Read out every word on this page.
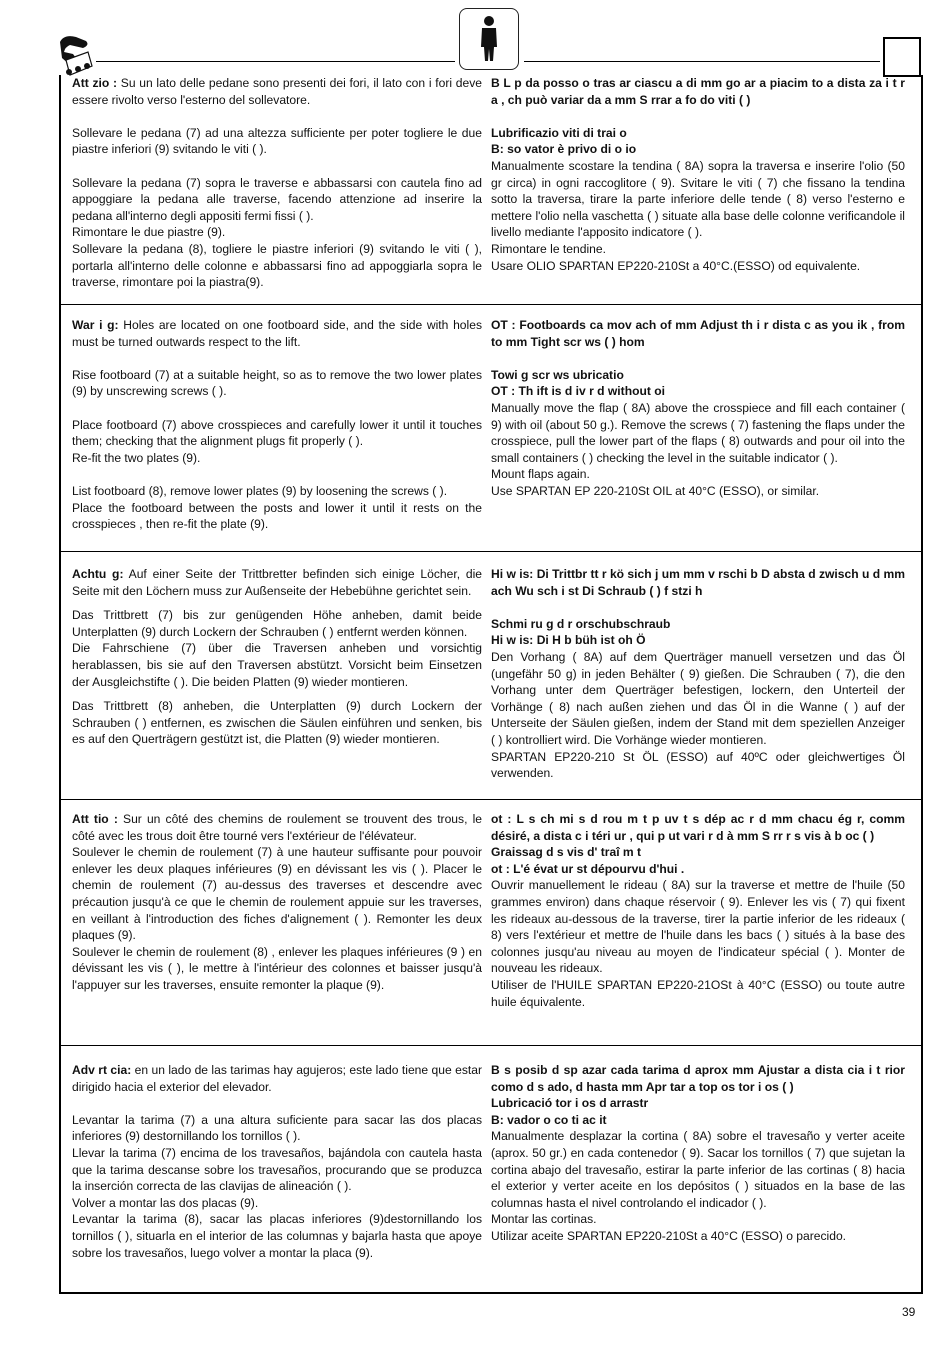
Att zio : Su un lato delle pedane sono presenti dei fori, il lato con i fori deve essere rivolto verso l'esterno del sollevatore.

Sollevare le pedana (7) ad una altezza sufficiente per poter togliere le due piastre inferiori (9) svitando le viti ( ).

Sollevare la pedana (7) sopra le traverse e abbassarsi con cautela fino ad appoggiare la pedana alle traverse, facendo attenzione ad inserire la pedana all'interno degli appositi fermi fissi ( ).

Rimontare le due piastre (9).

Sollevare la pedana (8), togliere le piastre inferiori (9) svitando le viti ( ), portarla all'interno delle colonne e abbassarsi fino ad appoggiarla sopra le traverse, rimontare poi la piastra(9).

B L p da posso o tras ar ciascu a di mm go ar a piacim to a dista za i t r a , ch può variar da a mm S rrar a fo do viti ( )

Lubrificazio viti di trai o

B: so vator è privo di o io

Manualmente scostare la tendina ( 8A) sopra la traversa e inserire l'olio (50 gr circa) in ogni raccoglitore ( 9). Svitare le viti ( 7) che fissano la tendina sotto la traversa, tirare la parte inferiore delle tende ( 8) verso l'esterno e mettere l'olio nella vaschetta ( ) situate alla base delle colonne verificandole il livello mediante l'apposito indicatore ( ).

Rimontare le tendine.

Usare OLIO SPARTAN EP220-210St a 40°C.(ESSO) od equivalente.

War i g: Holes are located on one footboard side, and the side with holes must be turned outwards respect to the lift.

Rise footboard (7) at a suitable height, so as to remove the two lower plates (9) by unscrewing screws ( ).

Place footboard (7) above crosspieces and carefully lower it until it touches them; checking that the alignment plugs fit properly ( ).

Re-fit the two plates (9).

List footboard (8), remove lower plates (9) by loosening the screws ( ).

Place the footboard between the posts and lower it until it rests on the crosspieces , then re-fit the plate (9).

OT : Footboards ca mov ach of mm Adjust th i r dista c as you ik , from to mm Tight scr ws ( ) hom

Towi g scr ws ubricatio

OT : Th ift is d iv r d without oi

Manually move the flap ( 8A) above the crosspiece and fill each container ( 9) with oil (about 50 g.). Remove the screws ( 7) fastening the flaps under the crosspiece, pull the lower part of the flaps ( 8) outwards and pour oil into the small containers ( ) checking the level in the suitable indicator ( ).

Mount flaps again.

Use SPARTAN EP 220-210St OIL at 40°C (ESSO), or similar.

Achtu g: Auf einer Seite der Trittbretter befinden sich einige Löcher, die Seite mit den Löchern muss zur Außenseite der Hebebühne gerichtet sein.

Das Trittbrett (7) bis zur genügenden Höhe anheben, damit beide Unterplatten (9) durch Lockern der Schrauben ( ) entfernt werden können.

Die Fahrschiene (7) über die Traversen anheben und vorsichtig herablassen, bis sie auf den Traversen abstützt. Vorsicht beim Einsetzen der Ausgleichstifte ( ). Die beiden Platten (9) wieder montieren.

Das Trittbrett (8) anheben, die Unterplatten (9) durch Lockern der Schrauben ( ) entfernen, es zwischen die Säulen einführen und senken, bis es auf den Querträgern gestützt ist, die Platten (9) wieder montieren.

Hi w is: Di Trittbr tt r kö sich j um mm v rschi b D absta d zwisch u d mm ach Wu sch i st Di Schraub ( ) f stzi h

Schmi ru g d r orschubschraub

Hi w is: Di H b büh ist oh Ö

Den Vorhang ( 8A) auf dem Querträger manuell versetzen und das Öl (ungefähr 50 g) in jeden Behälter ( 9) gießen. Die Schrauben ( 7), die den Vorhang unter dem Querträger befestigen, lockern, den Unterteil der Vorhänge ( 8) nach außen ziehen und das Öl in die Wanne ( ) auf der Unterseite der Säulen gießen, indem der Stand mit dem speziellen Anzeiger ( ) kontrolliert wird. Die Vorhänge wieder montieren.

SPARTAN EP220-210 St ÖL (ESSO) auf 40ºC oder gleichwertiges Öl verwenden.

Att tio : Sur un côté des chemins de roulement se trouvent des trous, le côté avec les trous doit être tourné vers l'extérieur de l'élévateur.

Soulever le chemin de roulement (7) à une hauteur suffisante pour pouvoir enlever les deux plaques inférieures (9) en dévissant les vis ( ). Placer le chemin de roulement (7) au-dessus des traverses et descendre avec précaution jusqu'à ce que le chemin de roulement appuie sur les traverses, en veillant à l'introduction des fiches d'alignement ( ). Remonter les deux plaques (9).

Soulever le chemin de roulement (8) , enlever les plaques inférieures (9 ) en dévissant les vis ( ), le mettre à l'intérieur des colonnes et baisser jusqu'à l'appuyer sur les traverses, ensuite remonter la plaque (9).

ot : L s ch mi s d rou m t p uv t s dép ac r d mm chacu ég r, comm désiré, a dista c i téri ur , qui p ut vari r d à mm S rr r s vis à b oc ( )

Graissag d s vis d' traî m t

ot : L'é évat ur st dépourvu d'hui .

Ouvrir manuellement le rideau ( 8A) sur la traverse et mettre de l'huile (50 grammes environ) dans chaque réservoir ( 9). Enlever les vis ( 7) qui fixent les rideaux au-dessous de la traverse, tirer la partie inferior de les rideaux ( 8) vers l'extérieur et mettre de l'huile dans les bacs ( ) situés à la base des colonnes jusqu'au niveau au moyen de l'indicateur spécial ( ). Monter de nouveau les rideaux.

Utiliser de l'HUILE SPARTAN EP220-21OSt à 40°C (ESSO) ou toute autre huile équivalente.

Adv rt cia: en un lado de las tarimas hay agujeros; este lado tiene que estar dirigido hacia el exterior del elevador.

Levantar la tarima (7) a una altura suficiente para sacar las dos placas inferiores (9) destornillando los tornillos ( ).

Llevar la tarima (7) encima de los travesaños, bajándola con cautela hasta que la tarima descanse sobre los travesaños, procurando que se produzca la inserción correcta de las clavijas de alineación ( ).

Volver a montar las dos placas (9).

Levantar la tarima (8), sacar las placas inferiores (9)destornillando los tornillos ( ), situarla en el interior de las columnas y bajarla hasta que apoye sobre los travesaños, luego volver a montar la placa (9).

B s posib d sp azar cada tarima d aprox mm Ajustar a dista cia i t rior como d s ado, d hasta mm Apr tar a top os tor i os ( )

Lubricació tor i os d arrastr

B: vador o co ti ac it

Manualmente desplazar la cortina ( 8A) sobre el travesaño y verter aceite (aprox. 50 gr.) en cada contenedor ( 9). Sacar los tornillos ( 7) que sujetan la cortina abajo del travesaño, estirar la parte inferior de las cortinas ( 8) hacia el exterior y verter aceite en los depósitos ( ) situados en la base de las columnas hasta el nivel controlando el indicador ( ).

Montar las cortinas.

Utilizar aceite SPARTAN EP220-210St a 40°C (ESSO) o parecido.

39
